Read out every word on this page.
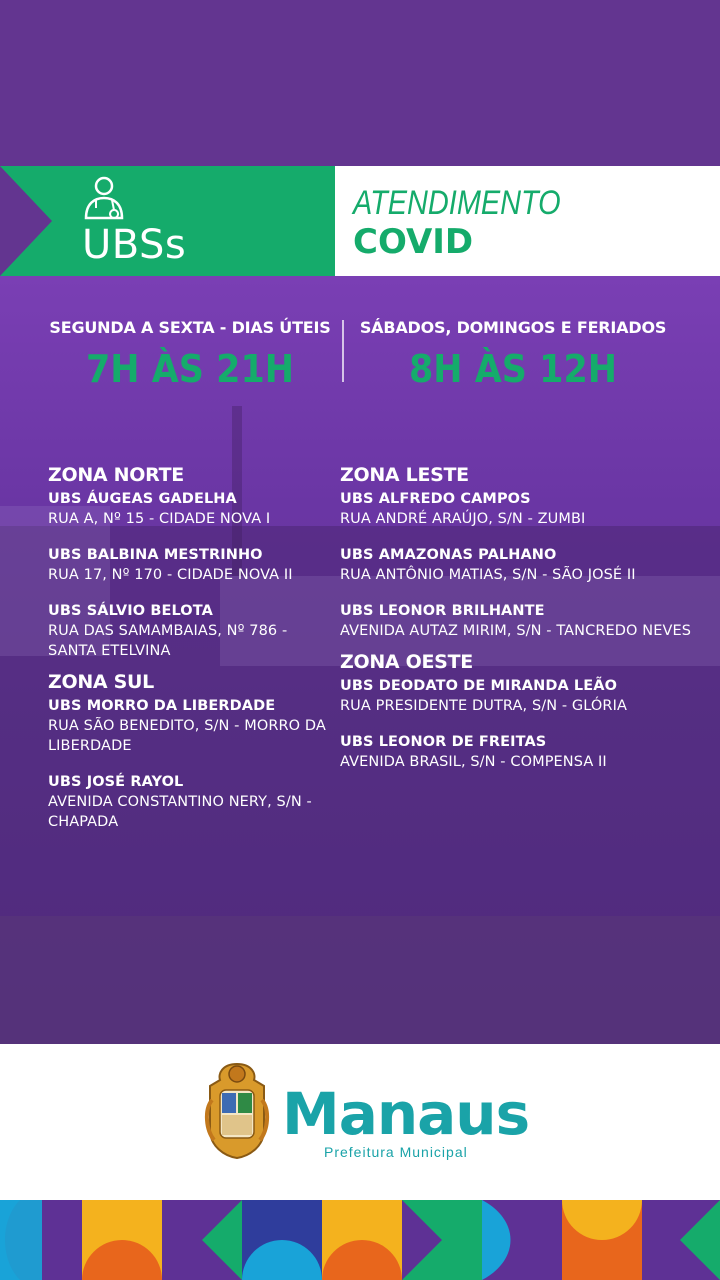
UBSs
ATENDIMENTO
COVID
SEGUNDA A SEXTA - DIAS ÚTEIS
7H ÀS 21H
SÁBADOS, DOMINGOS E FERIADOS
8H ÀS 12H
ZONA NORTE
UBS ÁUGEAS GADELHA
RUA A, Nº 15 - CIDADE NOVA I
UBS BALBINA MESTRINHO
RUA 17, Nº 170 - CIDADE NOVA II
UBS SÁLVIO BELOTA
RUA DAS SAMAMBAIAS, Nº 786 - SANTA ETELVINA
ZONA SUL
UBS MORRO DA LIBERDADE
RUA SÃO BENEDITO, S/N - MORRO DA LIBERDADE
UBS JOSÉ RAYOL
AVENIDA CONSTANTINO NERY, S/N - CHAPADA
ZONA LESTE
UBS ALFREDO CAMPOS
RUA ANDRÉ ARAÚJO, S/N - ZUMBI
UBS AMAZONAS PALHANO
RUA ANTÔNIO MATIAS, S/N - SÃO JOSÉ II
UBS LEONOR BRILHANTE
AVENIDA AUTAZ MIRIM, S/N - TANCREDO NEVES
ZONA OESTE
UBS DEODATO DE MIRANDA LEÃO
RUA PRESIDENTE DUTRA, S/N - GLÓRIA
UBS LEONOR DE FREITAS
AVENIDA BRASIL, S/N - COMPENSA II
Manaus
Prefeitura Municipal
